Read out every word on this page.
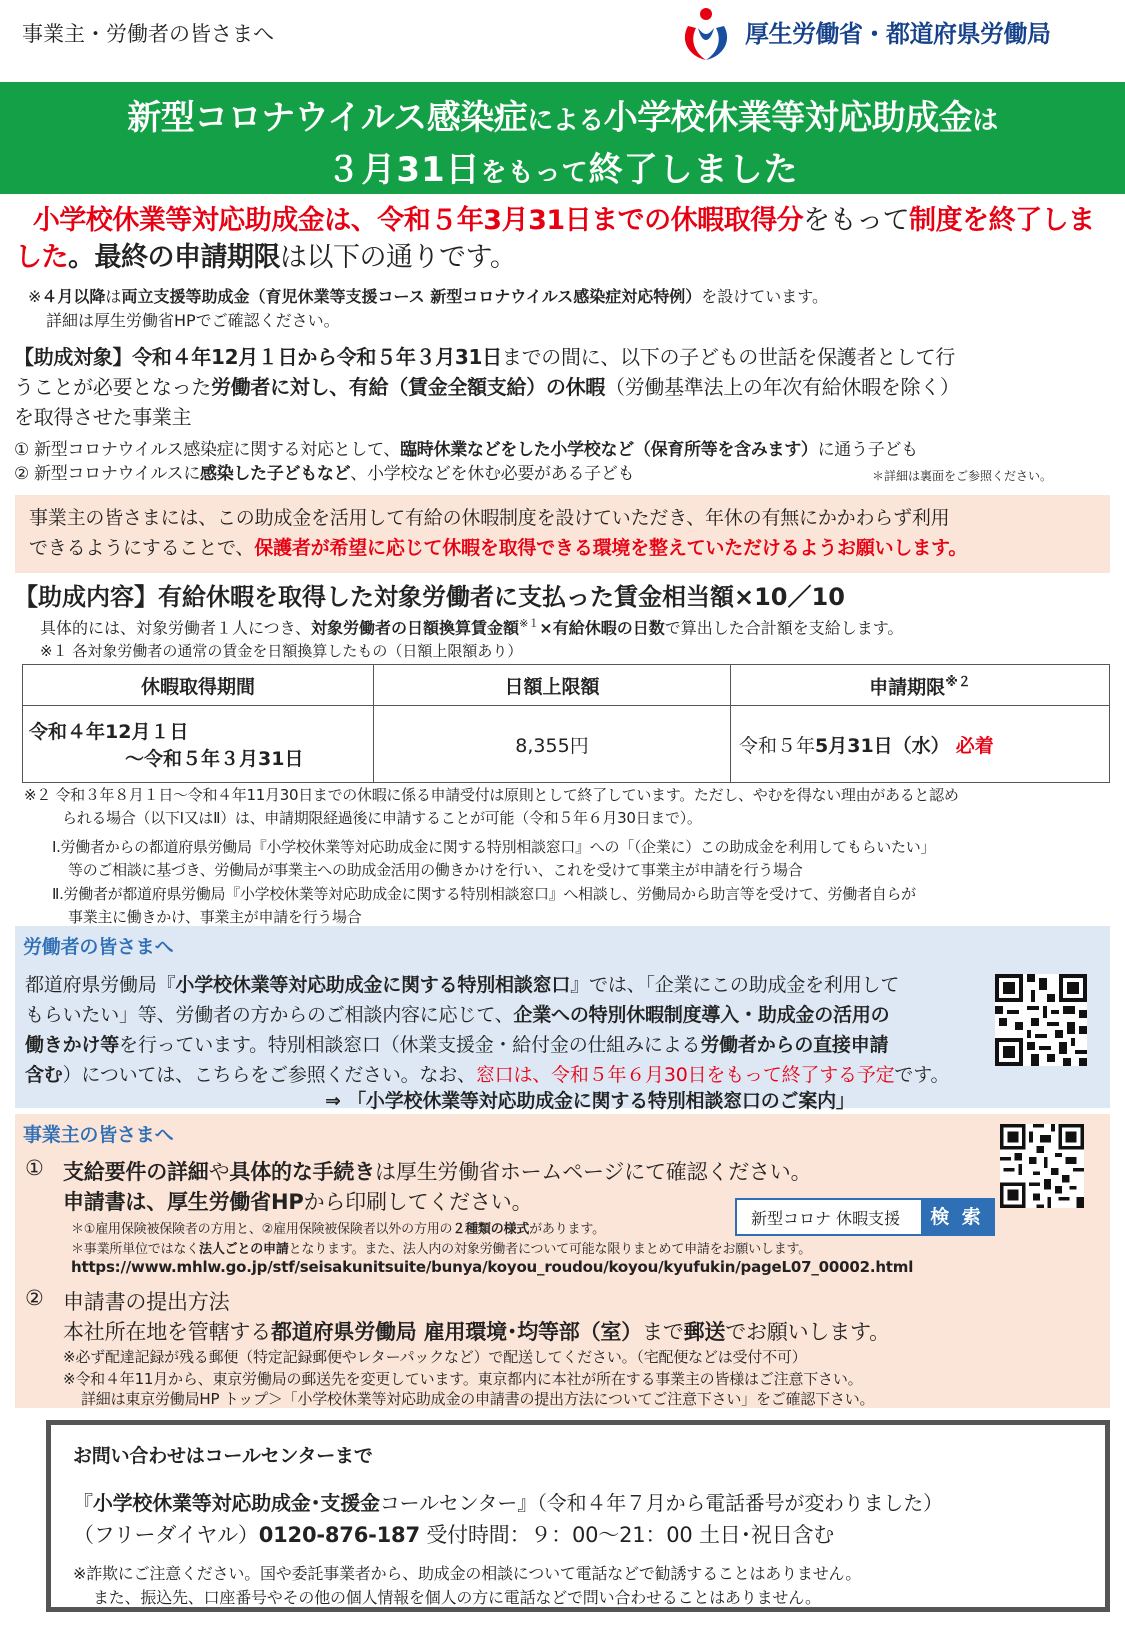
事業主・労働者の皆さまへ	厚生労働省・都道府県労働局
新型コロナウイルス感染症による小学校休業等対応助成金は
３月31日をもって終了しました
小学校休業等対応助成金は、令和５年3月31日までの休暇取得分をもって制度を終了しました。最終の申請期限は以下の通りです。
※４月以降は両立支援等助成金（育児休業等支援コース 新型コロナウイルス感染症対応特例）を設けています。
詳細は厚生労働省HPでご確認ください。
【助成対象】令和４年12月１日から令和５年３月31日までの間に、以下の子どもの世話を保護者として行
うことが必要となった労働者に対し、有給（賃金全額支給）の休暇（労働基準法上の年次有給休暇を除く）
を取得させた事業主
① 新型コロナウイルス感染症に関する対応として、臨時休業などをした小学校など（保育所等を含みます）に通う子ども
② 新型コロナウイルスに感染した子どもなど、小学校などを休む必要がある子ども	＊詳細は裏面をご参照ください。
事業主の皆さまには、この助成金を活用して有給の休暇制度を設けていただき、年休の有無にかかわらず利用
できるようにすることで、保護者が希望に応じて休暇を取得できる環境を整えていただけるようお願いします。
【助成内容】有給休暇を取得した対象労働者に支払った賃金相当額×10／10
具体的には、対象労働者１人につき、対象労働者の日額換算賃金額$^{※1}$×有給休暇の日数で算出した合計額を支給します。
※１ 各対象労働者の通常の賃金を日額換算したもの（日額上限額あり）
休暇取得期間	日額上限額	申請期限$^{※2}$

令和４年12月１日
～令和５年３月31日	8,355円	令和５年5月31日（水） 必着
※２ 令和３年８月１日～令和４年11月30日までの休暇に係る申請受付は原則として終了しています。ただし、やむを得ない理由があると認め
られる場合（以下Ⅰ又はⅡ）は、申請期限経過後に申請することが可能（令和５年６月30日まで）。
Ⅰ.労働者からの都道府県労働局『小学校休業等対応助成金に関する特別相談窓口』への「（企業に）この助成金を利用してもらいたい」
等のご相談に基づき、労働局が事業主への助成金活用の働きかけを行い、これを受けて事業主が申請を行う場合
Ⅱ.労働者が都道府県労働局『小学校休業等対応助成金に関する特別相談窓口』へ相談し、労働局から助言等を受けて、労働者自らが
事業主に働きかけ、事業主が申請を行う場合
労働者の皆さまへ
都道府県労働局『小学校休業等対応助成金に関する特別相談窓口』では、「企業にこの助成金を利用して
もらいたい」等、労働者の方からのご相談内容に応じて、企業への特別休暇制度導入・助成金の活用の
働きかけ等を行っています。特別相談窓口（休業支援金・給付金の仕組みによる労働者からの直接申請
含む）については、こちらをご参照ください。なお、窓口は、令和５年６月30日をもって終了する予定です。
⇒ 「小学校休業等対応助成金に関する特別相談窓口のご案内」
事業主の皆さまへ
① 支給要件の詳細や具体的な手続きは厚生労働省ホームページにて確認ください。
申請書は、厚生労働省HPから印刷してください。
＊①雇用保険被保険者の方用と、②雇用保険被保険者以外の方用の２種類の様式があります。
＊事業所単位ではなく法人ごとの申請となります。また、法人内の対象労働者について可能な限りまとめて申請をお願いします。
https://www.mhlw.go.jp/stf/seisakunitsuite/bunya/koyou_roudou/koyou/kyufukin/pageL07_00002.html
② 申請書の提出方法
本社所在地を管轄する都道府県労働局 雇用環境･均等部（室）まで郵送でお願いします。
※必ず配達記録が残る郵便（特定記録郵便やレターパックなど）で配送してください。（宅配便などは受付不可）
※令和４年11月から、東京労働局の郵送先を変更しています。東京都内に本社が所在する事業主の皆様はご注意下さい。
詳細は東京労働局HP トップ＞「小学校休業等対応助成金の申請書の提出方法についてご注意下さい」をご確認下さい。
新型コロナ 休暇支援	検 索
お問い合わせはコールセンターまで
『小学校休業等対応助成金･支援金コールセンター』（令和４年７月から電話番号が変わりました）
（フリーダイヤル）0120-876-187 受付時間：９：00～21：00 土日･祝日含む
※詐欺にご注意ください。国や委託事業者から、助成金の相談について電話などで勧誘することはありません。
また、振込先、口座番号やその他の個人情報を個人の方に電話などで問い合わせることはありません。
